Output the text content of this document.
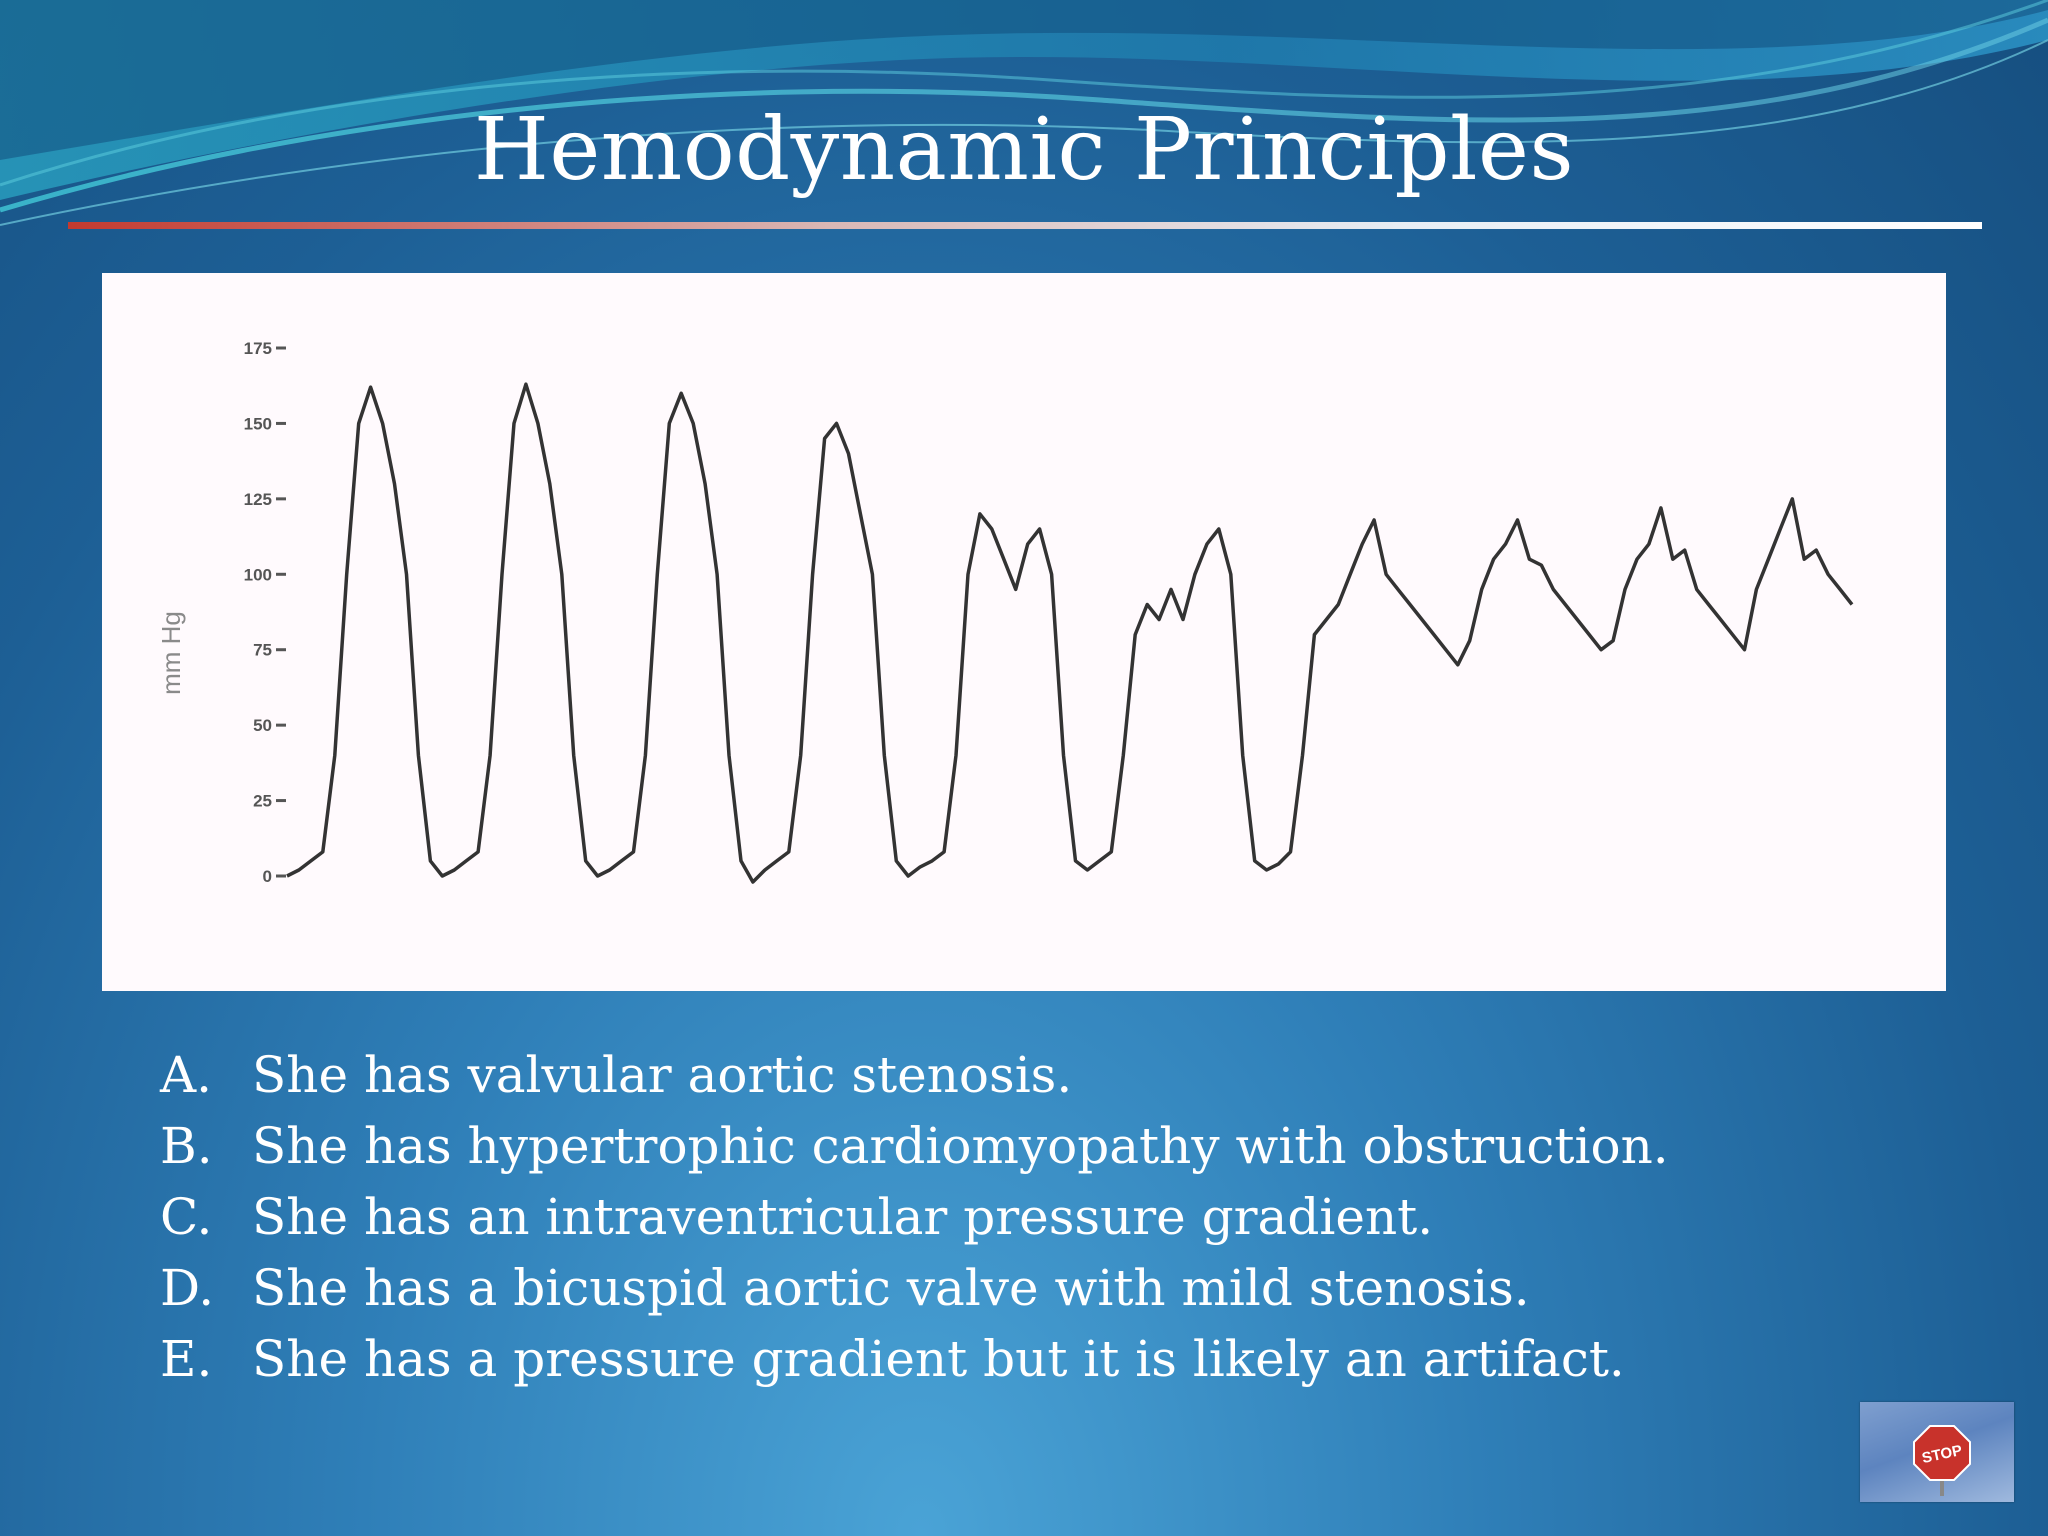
Hemodynamic Principles
mm Hg
0
25
50
75
100
125
150
175
A. She has valvular aortic stenosis.
B. She has hypertrophic cardiomyopathy with obstruction.
C. She has an intraventricular pressure gradient.
D. She has a bicuspid aortic valve with mild stenosis.
E. She has a pressure gradient but it is likely an artifact.
STOP
